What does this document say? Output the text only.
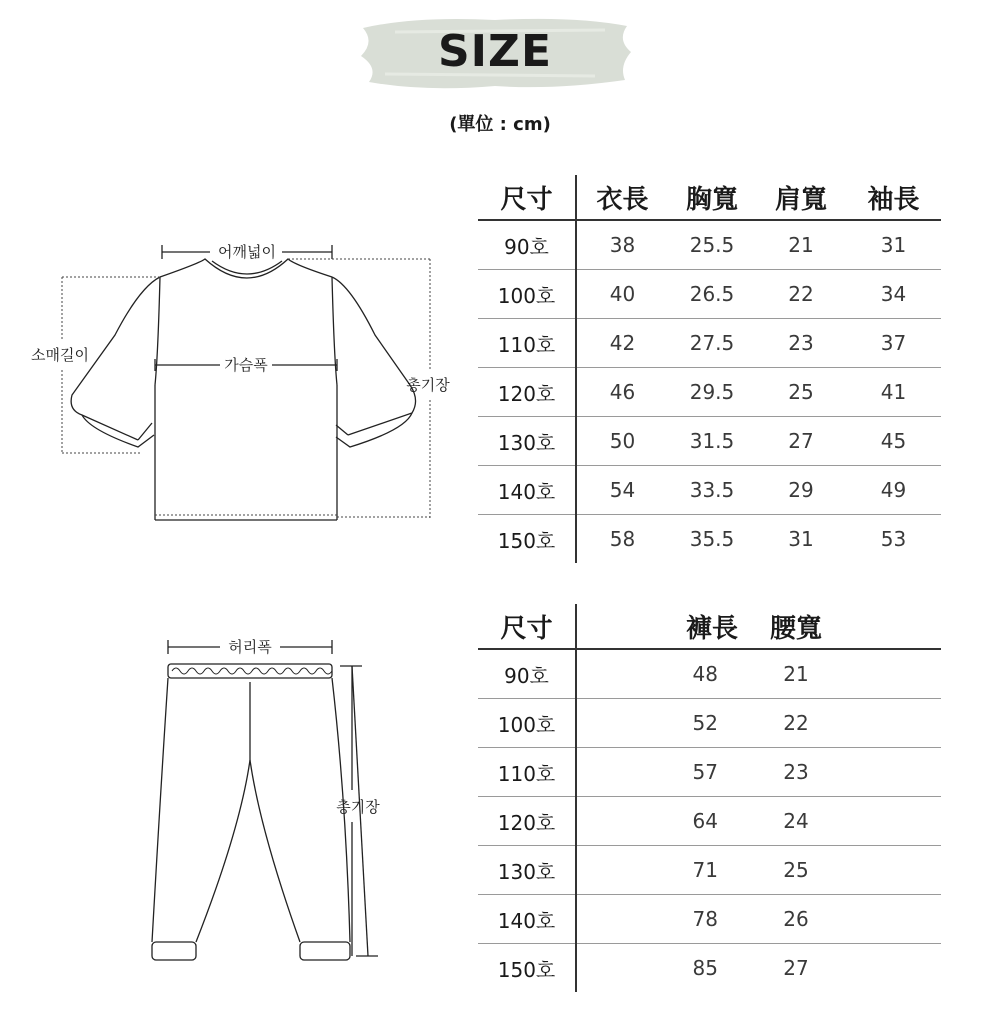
SIZE
(單位 : cm)
어깨넓이
가슴폭
소매길이
총기장
허리폭
총기장
尺寸	衣長	胸寬	肩寬	袖長
90호	38	25.5	21	31
100호	40	26.5	22	34
110호	42	27.5	23	37
120호	46	29.5	25	41
130호	50	31.5	27	45
140호	54	33.5	29	49
150호	58	35.5	31	53
尺寸	褲長	腰寬	
90호	48	21	
100호	52	22	
110호	57	23	
120호	64	24	
130호	71	25	
140호	78	26	
150호	85	27	
